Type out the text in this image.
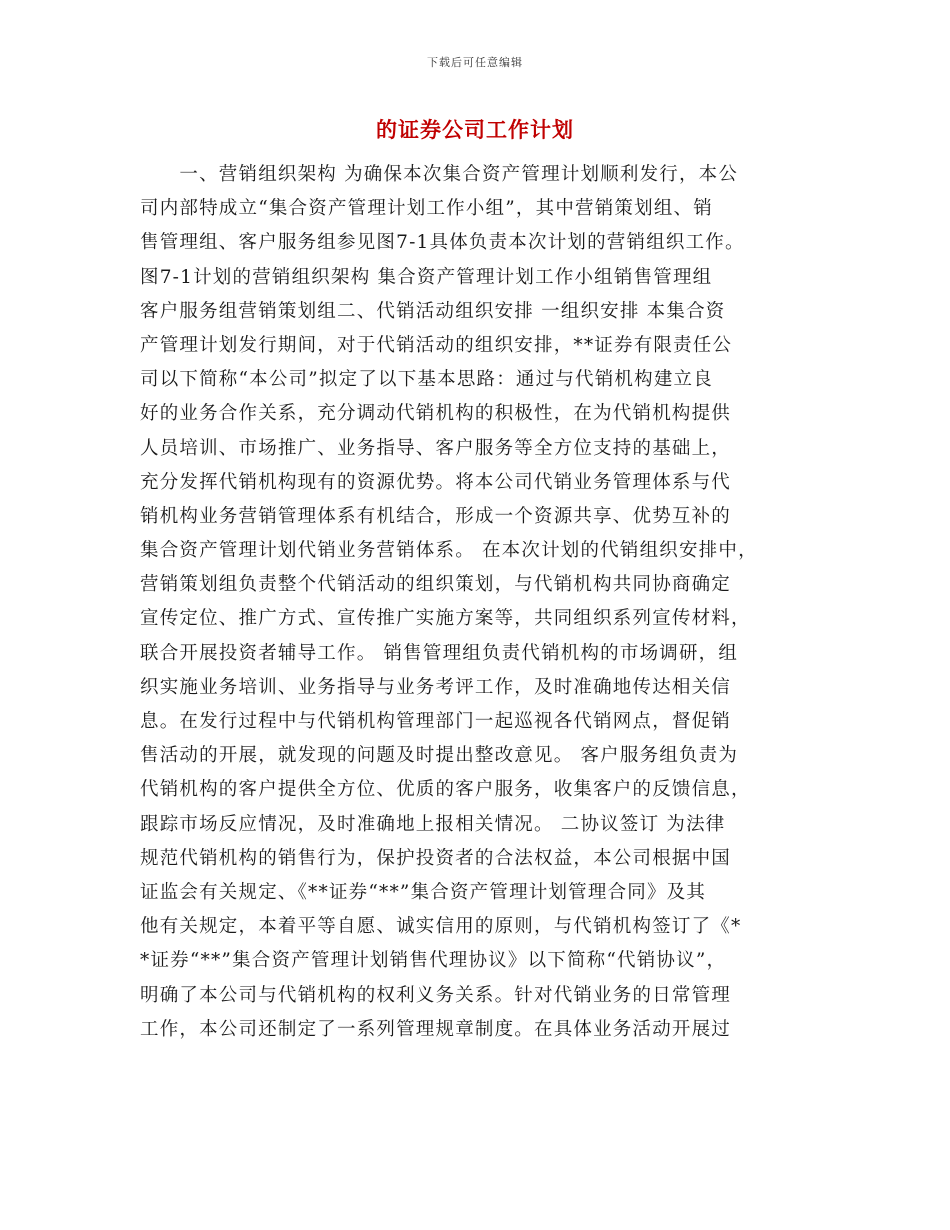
下载后可任意编辑
的证券公司工作计划
　　一、营销组织架构 为确保本次集合资产管理计划顺利发行，本公
司内部特成立“集合资产管理计划工作小组”，其中营销策划组、销
售管理组、客户服务组参见图7-1具体负责本次计划的营销组织工作。
图7-1计划的营销组织架构 集合资产管理计划工作小组销售管理组
客户服务组营销策划组二、代销活动组织安排 一组织安排 本集合资
产管理计划发行期间，对于代销活动的组织安排，**证券有限责任公
司以下简称“本公司”拟定了以下基本思路：通过与代销机构建立良
好的业务合作关系，充分调动代销机构的积极性，在为代销机构提供
人员培训、市场推广、业务指导、客户服务等全方位支持的基础上，
充分发挥代销机构现有的资源优势。将本公司代销业务管理体系与代
销机构业务营销管理体系有机结合，形成一个资源共享、优势互补的
集合资产管理计划代销业务营销体系。 在本次计划的代销组织安排中，
营销策划组负责整个代销活动的组织策划，与代销机构共同协商确定
宣传定位、推广方式、宣传推广实施方案等，共同组织系列宣传材料，
联合开展投资者辅导工作。 销售管理组负责代销机构的市场调研，组
织实施业务培训、业务指导与业务考评工作，及时准确地传达相关信
息。在发行过程中与代销机构管理部门一起巡视各代销网点，督促销
售活动的开展，就发现的问题及时提出整改意见。 客户服务组负责为
代销机构的客户提供全方位、优质的客户服务，收集客户的反馈信息，
跟踪市场反应情况，及时准确地上报相关情况。 二协议签订 为法律
规范代销机构的销售行为，保护投资者的合法权益，本公司根据中国
证监会有关规定、《**证券“**”集合资产管理计划管理合同》及其
他有关规定，本着平等自愿、诚实信用的原则，与代销机构签订了《*
*证券“**”集合资产管理计划销售代理协议》以下简称“代销协议”，
明确了本公司与代销机构的权利义务关系。针对代销业务的日常管理
工作，本公司还制定了一系列管理规章制度。在具体业务活动开展过
